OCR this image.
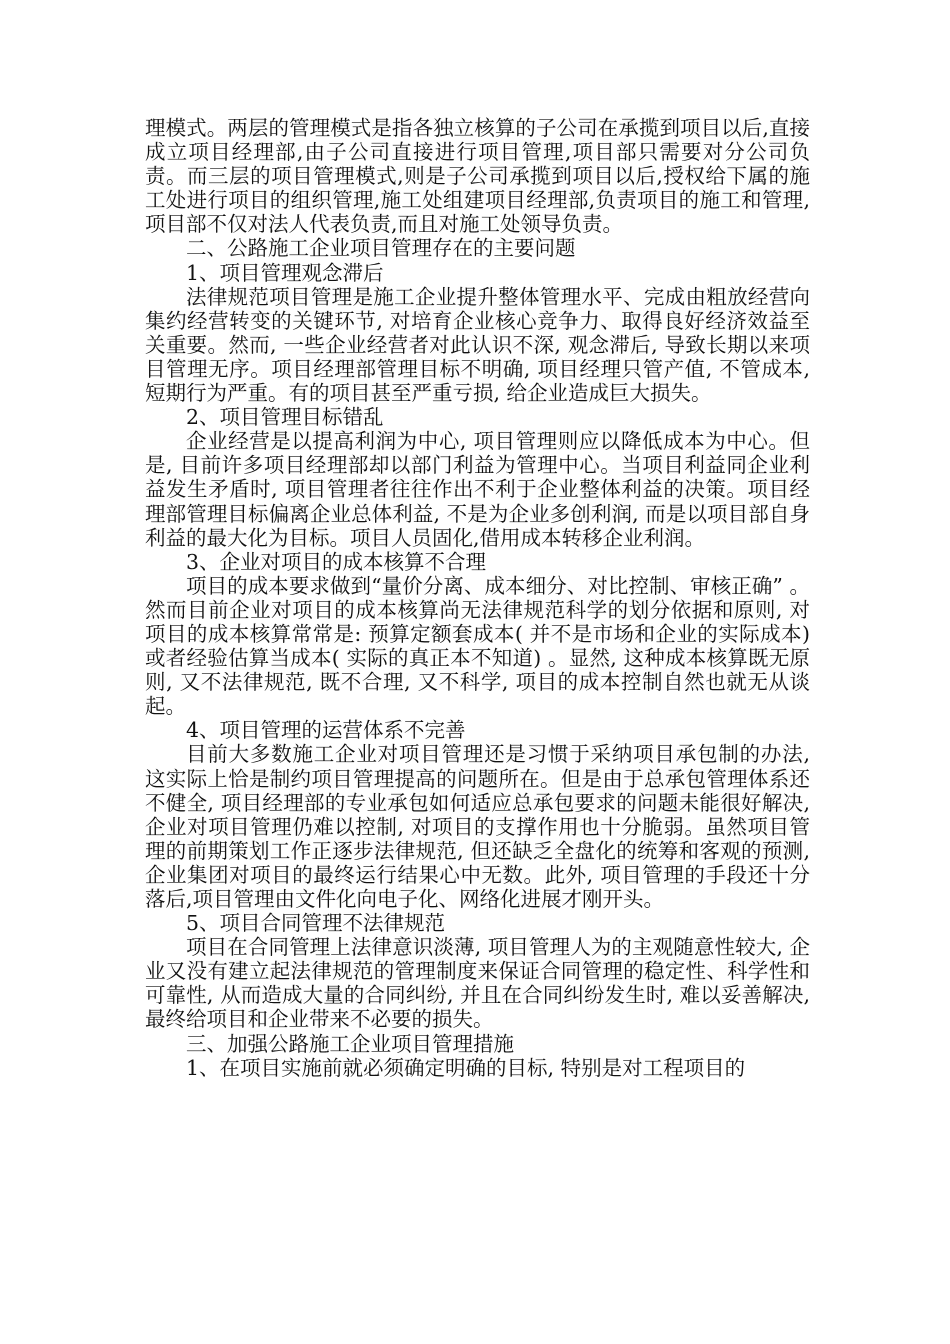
理模式。两层的管理模式是指各独立核算的子公司在承揽到项目以后,直接成立项目经理部,由子公司直接进行项目管理,项目部只需要对分公司负责。而三层的项目管理模式,则是子公司承揽到项目以后,授权给下属的施工处进行项目的组织管理,施工处组建项目经理部,负责项目的施工和管理,项目部不仅对法人代表负责,而且对施工处领导负责。

二、公路施工企业项目管理存在的主要问题

1、项目管理观念滞后

法律规范项目管理是施工企业提升整体管理水平、完成由粗放经营向集约经营转变的关键环节, 对培育企业核心竞争力、取得良好经济效益至关重要。然而, 一些企业经营者对此认识不深, 观念滞后, 导致长期以来项目管理无序。项目经理部管理目标不明确, 项目经理只管产值, 不管成本, 短期行为严重。有的项目甚至严重亏损, 给企业造成巨大损失。

2、项目管理目标错乱

企业经营是以提高利润为中心, 项目管理则应以降低成本为中心。但是, 目前许多项目经理部却以部门利益为管理中心。当项目利益同企业利益发生矛盾时, 项目管理者往往作出不利于企业整体利益的决策。项目经理部管理目标偏离企业总体利益, 不是为企业多创利润, 而是以项目部自身利益的最大化为目标。项目人员固化,借用成本转移企业利润。

3、企业对项目的成本核算不合理

项目的成本要求做到“量价分离、成本细分、对比控制、审核正确” 。然而目前企业对项目的成本核算尚无法律规范科学的划分依据和原则, 对项目的成本核算常常是: 预算定额套成本( 并不是市场和企业的实际成本) 或者经验估算当成本( 实际的真正本不知道) 。显然, 这种成本核算既无原则, 又不法律规范, 既不合理, 又不科学, 项目的成本控制自然也就无从谈起。

4、项目管理的运营体系不完善

目前大多数施工企业对项目管理还是习惯于采纳项目承包制的办法, 这实际上恰是制约项目管理提高的问题所在。但是由于总承包管理体系还不健全, 项目经理部的专业承包如何适应总承包要求的问题未能很好解决, 企业对项目管理仍难以控制, 对项目的支撑作用也十分脆弱。虽然项目管理的前期策划工作正逐步法律规范, 但还缺乏全盘化的统筹和客观的预测, 企业集团对项目的最终运行结果心中无数。此外, 项目管理的手段还十分落后,项目管理由文件化向电子化、网络化进展才刚开头。

5、项目合同管理不法律规范

项目在合同管理上法律意识淡薄, 项目管理人为的主观随意性较大, 企业又没有建立起法律规范的管理制度来保证合同管理的稳定性、科学性和可靠性, 从而造成大量的合同纠纷, 并且在合同纠纷发生时, 难以妥善解决, 最终给项目和企业带来不必要的损失。

三、加强公路施工企业项目管理措施

1、在项目实施前就必须确定明确的目标, 特别是对工程项目的
